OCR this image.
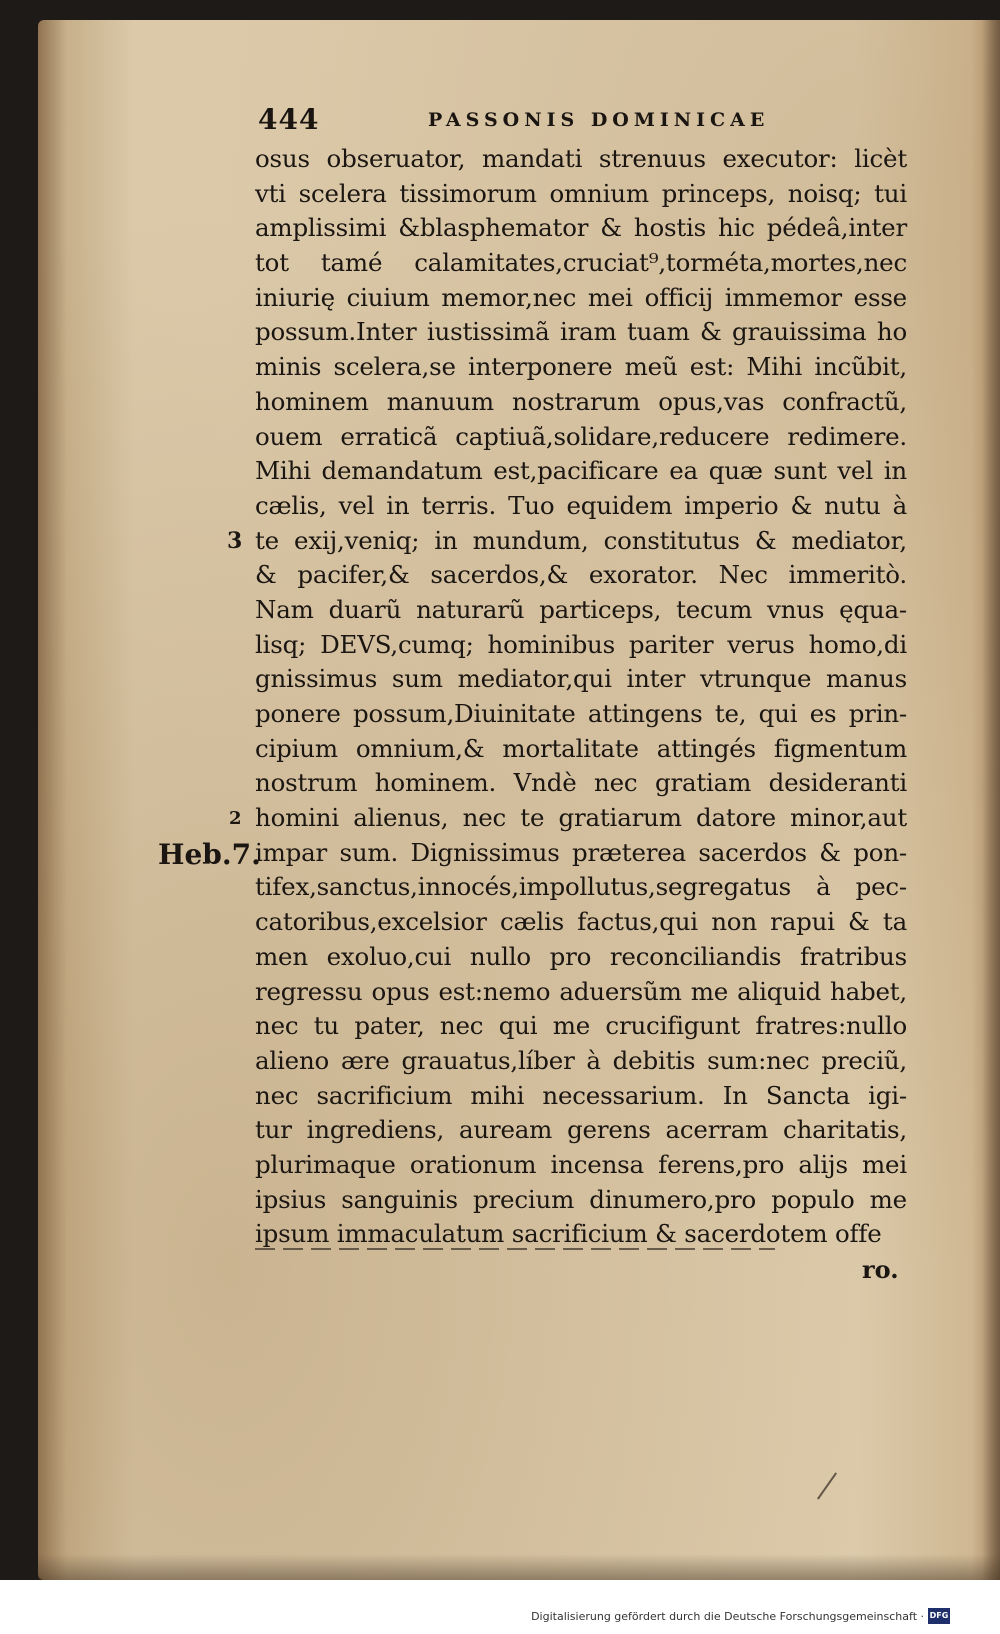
444	PASSONIS DOMINICAE
osus obseruator, mandati strenuus executor: licèt
vti scelera tissimorum omnium princeps, noisq; tui
amplissimi &blasphemator & hostis hic pédeâ,inter
tot tamé calamitates,cruciat⁹,torméta,mortes,nec
iniurię ciuium memor,nec mei officij immemor esse
possum.Inter iustissimã iram tuam & grauissima ho
minis scelera,se interponere meũ est: Mihi incũbit,
hominem manuum nostrarum opus,vas confractũ,
ouem erraticã captiuã,solidare,reducere redimere.
Mihi demandatum est,pacificare ea quæ sunt vel in
cælis, vel in terris. Tuo equidem imperio & nutu à
te exij,veniq; in mundum, constitutus & mediator,
& pacifer,& sacerdos,& exorator. Nec immeritò.
Nam duarũ naturarũ particeps, tecum vnus ęqua-
lisq; DEVS,cumq; hominibus pariter verus homo,di
gnissimus sum mediator,qui inter vtrunque manus
ponere possum,Diuinitate attingens te, qui es prin-
cipium omnium,& mortalitate attingés figmentum
nostrum hominem. Vndè nec gratiam desideranti
homini alienus, nec te gratiarum datore minor,aut
impar sum. Dignissimus præterea sacerdos & pon-
tifex,sanctus,innocés,impollutus,segregatus à pec-
catoribus,excelsior cælis factus,qui non rapui & ta
men exoluo,cui nullo pro reconciliandis fratribus
regressu opus est:nemo aduersũm me aliquid habet,
nec tu pater, nec qui me crucifigunt fratres:nullo
alieno ære grauatus,líber à debitis sum:nec preciũ,
nec sacrificium mihi necessarium. In Sancta igi-
tur ingrediens, auream gerens acerram charitatis,
plurimaque orationum incensa ferens,pro alijs mei
ipsius sanguinis precium dinumero,pro populo me
ipsum immaculatum sacrificium & sacerdotem offe
3
2
Heb.7.
ro.
Digitalisierung gefördert durch die Deutsche Forschungsgemeinschaft · DFG
